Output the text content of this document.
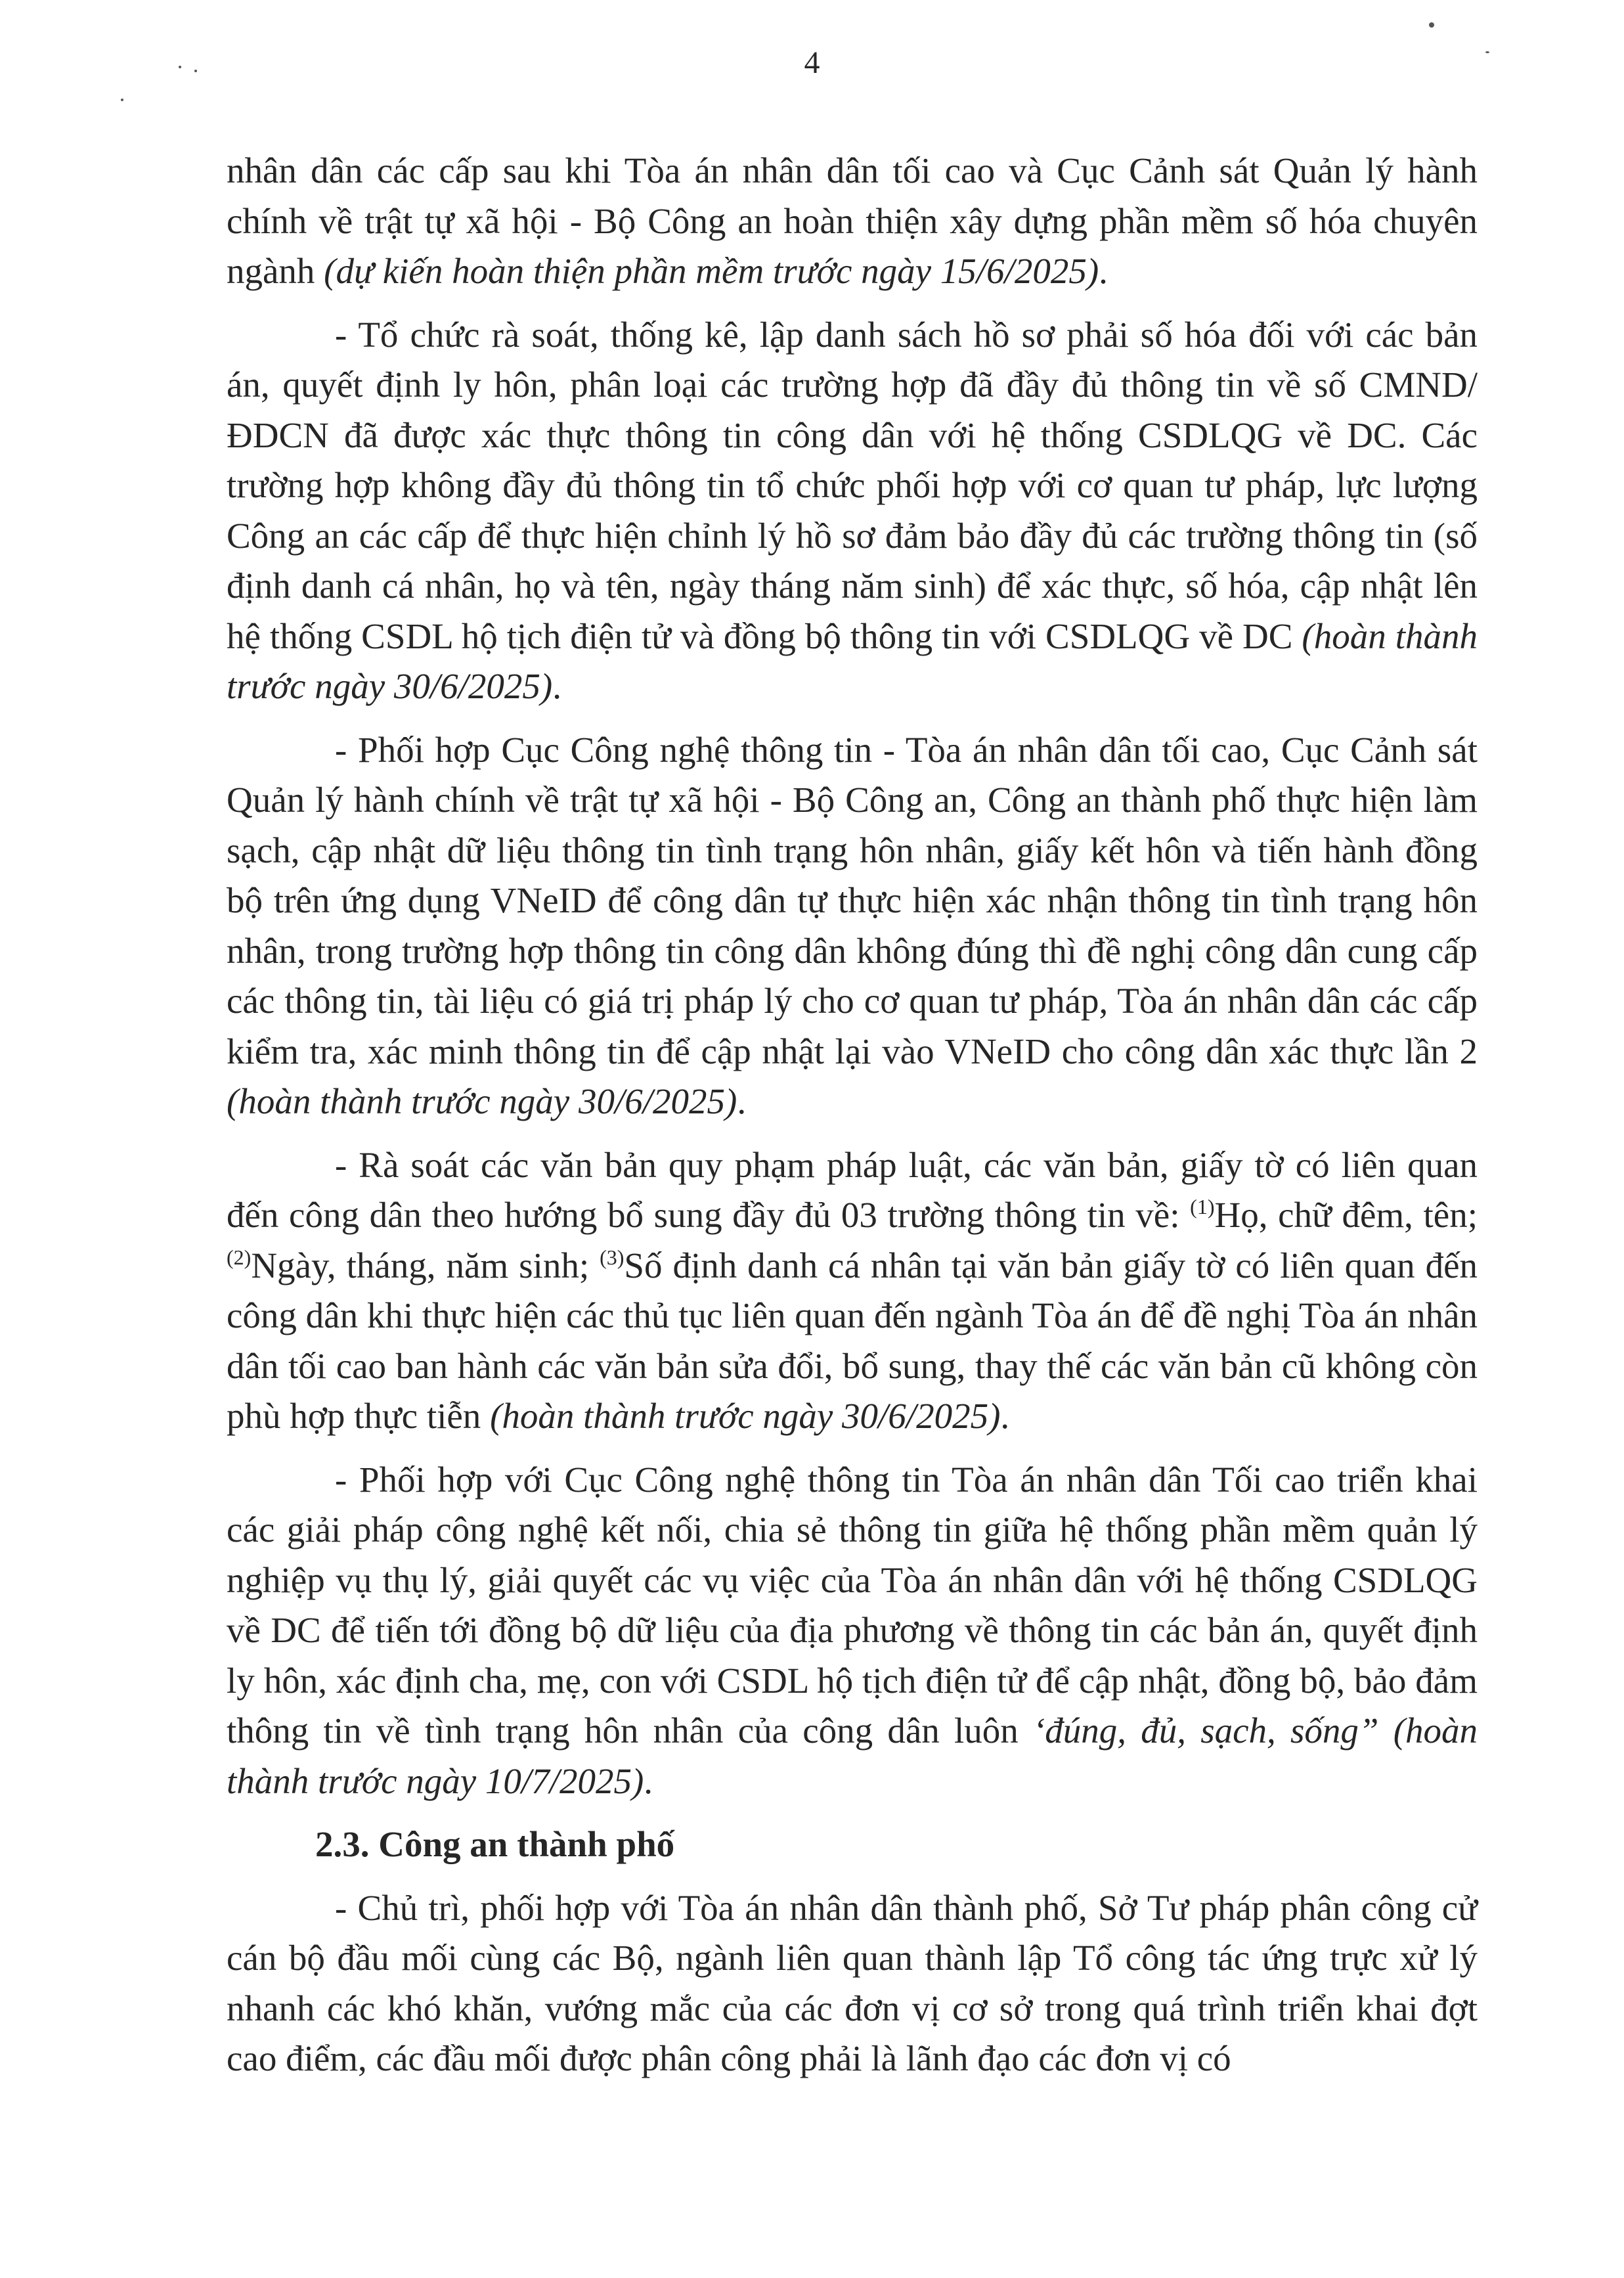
4

nhân dân các cấp sau khi Tòa án nhân dân tối cao và Cục Cảnh sát Quản lý hành chính về trật tự xã hội - Bộ Công an hoàn thiện xây dựng phần mềm số hóa chuyên ngành (dự kiến hoàn thiện phần mềm trước ngày 15/6/2025).

- Tổ chức rà soát, thống kê, lập danh sách hồ sơ phải số hóa đối với các bản án, quyết định ly hôn, phân loại các trường hợp đã đầy đủ thông tin về số CMND/ĐDCN đã được xác thực thông tin công dân với hệ thống CSDLQG về DC. Các trường hợp không đầy đủ thông tin tổ chức phối hợp với cơ quan tư pháp, lực lượng Công an các cấp để thực hiện chỉnh lý hồ sơ đảm bảo đầy đủ các trường thông tin (số định danh cá nhân, họ và tên, ngày tháng năm sinh) để xác thực, số hóa, cập nhật lên hệ thống CSDL hộ tịch điện tử và đồng bộ thông tin với CSDLQG về DC (hoàn thành trước ngày 30/6/2025).

- Phối hợp Cục Công nghệ thông tin - Tòa án nhân dân tối cao, Cục Cảnh sát Quản lý hành chính về trật tự xã hội - Bộ Công an, Công an thành phố thực hiện làm sạch, cập nhật dữ liệu thông tin tình trạng hôn nhân, giấy kết hôn và tiến hành đồng bộ trên ứng dụng VNeID để công dân tự thực hiện xác nhận thông tin tình trạng hôn nhân, trong trường hợp thông tin công dân không đúng thì đề nghị công dân cung cấp các thông tin, tài liệu có giá trị pháp lý cho cơ quan tư pháp, Tòa án nhân dân các cấp kiểm tra, xác minh thông tin để cập nhật lại vào VNeID cho công dân xác thực lần 2 (hoàn thành trước ngày 30/6/2025).

- Rà soát các văn bản quy phạm pháp luật, các văn bản, giấy tờ có liên quan đến công dân theo hướng bổ sung đầy đủ 03 trường thông tin về: $^{(1)}$Họ, chữ đêm, tên; $^{(2)}$Ngày, tháng, năm sinh; $^{(3)}$Số định danh cá nhân tại văn bản giấy tờ có liên quan đến công dân khi thực hiện các thủ tục liên quan đến ngành Tòa án để đề nghị Tòa án nhân dân tối cao ban hành các văn bản sửa đổi, bổ sung, thay thế các văn bản cũ không còn phù hợp thực tiễn (hoàn thành trước ngày 30/6/2025).

- Phối hợp với Cục Công nghệ thông tin Tòa án nhân dân Tối cao triển khai các giải pháp công nghệ kết nối, chia sẻ thông tin giữa hệ thống phần mềm quản lý nghiệp vụ thụ lý, giải quyết các vụ việc của Tòa án nhân dân với hệ thống CSDLQG về DC để tiến tới đồng bộ dữ liệu của địa phương về thông tin các bản án, quyết định ly hôn, xác định cha, mẹ, con với CSDL hộ tịch điện tử để cập nhật, đồng bộ, bảo đảm thông tin về tình trạng hôn nhân của công dân luôn ‘đúng, đủ, sạch, sống” (hoàn thành trước ngày 10/7/2025).

2.3. Công an thành phố

- Chủ trì, phối hợp với Tòa án nhân dân thành phố, Sở Tư pháp phân công cử cán bộ đầu mối cùng các Bộ, ngành liên quan thành lập Tổ công tác ứng trực xử lý nhanh các khó khăn, vướng mắc của các đơn vị cơ sở trong quá trình triển khai đợt cao điểm, các đầu mối được phân công phải là lãnh đạo các đơn vị có
